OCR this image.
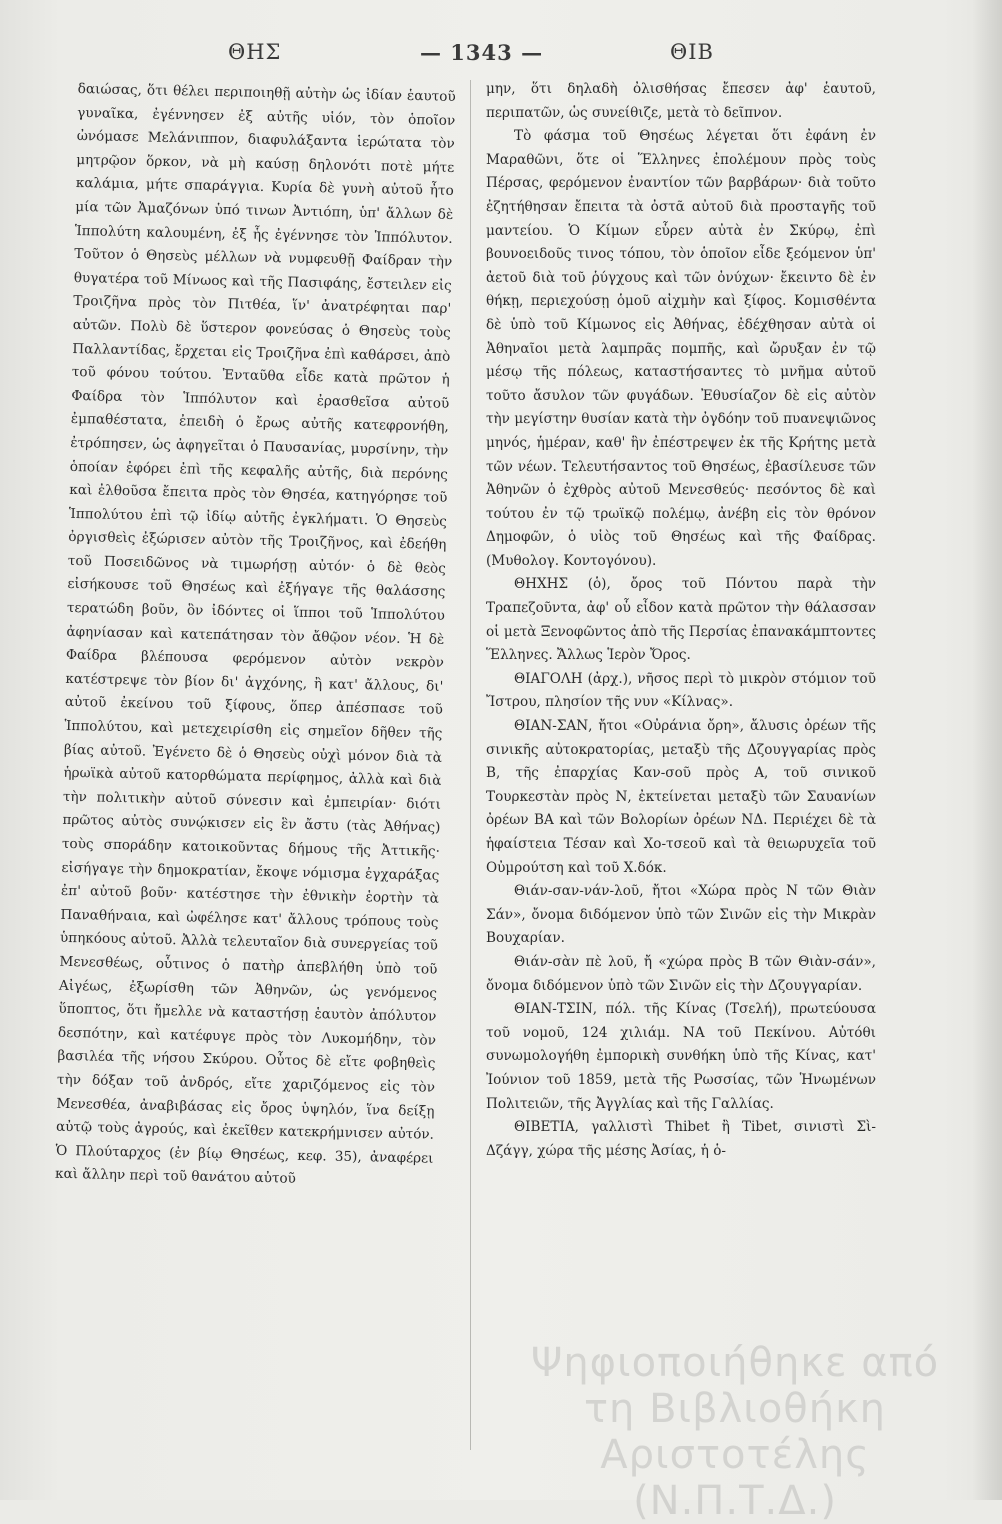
ΘΗΣ	— 1343 —	ΘΙΒ

δαιώσας, ὅτι θέλει περιποιηθῇ αὐτὴν ὡς ἰδίαν ἑαυτοῦ γυναῖκα, ἐγέννησεν ἐξ αὐτῆς υἱόν, τὸν ὁποῖον ὠνόμασε Μελάνιππον, διαφυλάξαντα ἱερώτατα τὸν μητρῷον ὅρκον, νὰ μὴ καύσῃ δηλονότι ποτὲ μήτε καλάμια, μήτε σπαράγγια. Κυρία δὲ γυνὴ αὐτοῦ ἦτο μία τῶν Ἀμαζόνων ὑπό τινων Ἀντιόπη, ὑπ' ἄλλων δὲ Ἱππολύτη καλουμένη, ἐξ ἧς ἐγέννησε τὸν Ἱππόλυτον. Τοῦτον ὁ Θησεὺς μέλλων νὰ νυμφευθῇ Φαίδραν τὴν θυγατέρα τοῦ Μίνωος καὶ τῆς Πασιφάης, ἔστειλεν εἰς Τροιζῆνα πρὸς τὸν Πιτθέα, ἵν' ἀνατρέφηται παρ' αὐτῶν. Πολὺ δὲ ὕστερον φονεύσας ὁ Θησεὺς τοὺς Παλλαντίδας, ἔρχεται εἰς Τροιζῆνα ἐπὶ καθάρσει, ἀπὸ τοῦ φόνου τούτου. Ἐνταῦθα εἶδε κατὰ πρῶτον ἡ Φαίδρα τὸν Ἱππόλυτον καὶ ἐρασθεῖσα αὐτοῦ ἐμπαθέστατα, ἐπειδὴ ὁ ἔρως αὐτῆς κατεφρονήθη, ἐτρόπησεν, ὡς ἀφηγεῖται ὁ Παυσανίας, μυρσίνην, τὴν ὁποίαν ἐφόρει ἐπὶ τῆς κεφαλῆς αὐτῆς, διὰ περόνης καὶ ἐλθοῦσα ἔπειτα πρὸς τὸν Θησέα, κατηγόρησε τοῦ Ἱππολύτου ἐπὶ τῷ ἰδίῳ αὐτῆς ἐγκλήματι. Ὁ Θησεὺς ὀργισθεὶς ἐξώρισεν αὐτὸν τῆς Τροιζῆνος, καὶ ἐδεήθη τοῦ Ποσειδῶνος νὰ τιμωρήσῃ αὐτόν· ὁ δὲ θεὸς εἰσήκουσε τοῦ Θησέως καὶ ἐξήγαγε τῆς θαλάσσης τερατώδη βοῦν, ὃν ἰδόντες οἱ ἵπποι τοῦ Ἱππολύτου ἀφηνίασαν καὶ κατεπάτησαν τὸν ἄθῷον νέον. Ἡ δὲ Φαίδρα βλέπουσα φερόμενον αὐτὸν νεκρὸν κατέστρεψε τὸν βίον δι' ἀγχόνης, ἢ κατ' ἄλλους, δι' αὐτοῦ ἐκείνου τοῦ ξίφους, ὅπερ ἀπέσπασε τοῦ Ἱππολύτου, καὶ μετεχειρίσθη εἰς σημεῖον δῆθεν τῆς βίας αὐτοῦ. Ἐγένετο δὲ ὁ Θησεὺς οὐχὶ μόνον διὰ τὰ ἡρωϊκὰ αὐτοῦ κατορθώματα περίφημος, ἀλλὰ καὶ διὰ τὴν πολιτικὴν αὐτοῦ σύνεσιν καὶ ἐμπειρίαν· διότι πρῶτος αὐτὸς συνῴκισεν εἰς ἓν ἄστυ (τὰς Ἀθήνας) τοὺς σποράδην κατοικοῦντας δήμους τῆς Ἀττικῆς· εἰσήγαγε τὴν δημοκρατίαν, ἔκοψε νόμισμα ἐγχαράξας ἐπ' αὐτοῦ βοῦν· κατέστησε τὴν ἐθνικὴν ἑορτὴν τὰ Παναθήναια, καὶ ὠφέλησε κατ' ἄλλους τρόπους τοὺς ὑπηκόους αὐτοῦ. Ἀλλὰ τελευταῖον διὰ συνεργείας τοῦ Μενεσθέως, οὗτινος ὁ πατὴρ ἀπεβλήθη ὑπὸ τοῦ Αἰγέως, ἐξωρίσθη τῶν Ἀθηνῶν, ὡς γενόμενος ὕποπτος, ὅτι ἤμελλε νὰ καταστήσῃ ἑαυτὸν ἀπόλυτον δεσπότην, καὶ κατέφυγε πρὸς τὸν Λυκομήδην, τὸν βασιλέα τῆς νήσου Σκύρου. Οὗτος δὲ εἴτε φοβηθεὶς τὴν δόξαν τοῦ ἀνδρός, εἴτε χαριζόμενος εἰς τὸν Μενεσθέα, ἀναβιβάσας εἰς ὄρος ὑψηλόν, ἵνα δείξῃ αὐτῷ τοὺς ἀγρούς, καὶ ἐκεῖθεν κατεκρήμνισεν αὐτόν. Ὁ Πλούταρχος (ἐν βίῳ Θησέως, κεφ. 35), ἀναφέρει καὶ ἄλλην περὶ τοῦ θανάτου αὐτοῦ

μην, ὅτι δηλαδὴ ὀλισθήσας ἔπεσεν ἀφ' ἑαυτοῦ, περιπατῶν, ὡς συνείθιζε, μετὰ τὸ δεῖπνον.

Τὸ φάσμα τοῦ Θησέως λέγεται ὅτι ἐφάνη ἐν Μαραθῶνι, ὅτε οἱ Ἕλληνες ἐπολέμουν πρὸς τοὺς Πέρσας, φερόμενον ἐναντίον τῶν βαρβάρων· διὰ τοῦτο ἐζητήθησαν ἔπειτα τὰ ὀστᾶ αὐτοῦ διὰ προσταγῆς τοῦ μαντείου. Ὁ Κίμων εὗρεν αὐτὰ ἐν Σκύρῳ, ἐπὶ βουνοειδοῦς τινος τόπου, τὸν ὁποῖον εἶδε ξεόμενον ὑπ' ἀετοῦ διὰ τοῦ ῥύγχους καὶ τῶν ὀνύχων· ἔκειντο δὲ ἐν θήκῃ, περιεχούσῃ ὁμοῦ αἰχμὴν καὶ ξίφος. Κομισθέντα δὲ ὑπὸ τοῦ Κίμωνος εἰς Ἀθήνας, ἐδέχθησαν αὐτὰ οἱ Ἀθηναῖοι μετὰ λαμπρᾶς πομπῆς, καὶ ὤρυξαν ἐν τῷ μέσῳ τῆς πόλεως, καταστήσαντες τὸ μνῆμα αὐτοῦ τοῦτο ἄσυλον τῶν φυγάδων. Ἐθυσίαζον δὲ εἰς αὐτὸν τὴν μεγίστην θυσίαν κατὰ τὴν ὀγδόην τοῦ πυανεψιῶνος μηνός, ἡμέραν, καθ' ἣν ἐπέστρεψεν ἐκ τῆς Κρήτης μετὰ τῶν νέων. Τελευτήσαντος τοῦ Θησέως, ἐβασίλευσε τῶν Ἀθηνῶν ὁ ἐχθρὸς αὐτοῦ Μενεσθεύς· πεσόντος δὲ καὶ τούτου ἐν τῷ τρωϊκῷ πολέμῳ, ἀνέβη εἰς τὸν θρόνον Δημοφῶν, ὁ υἱὸς τοῦ Θησέως καὶ τῆς Φαίδρας. (Μυθολογ. Κοντογόνου).

ΘΗΧΗΣ (ὁ), ὄρος τοῦ Πόντου παρὰ τὴν Τραπεζοῦντα, ἀφ' οὗ εἶδον κατὰ πρῶτον τὴν θάλασσαν οἱ μετὰ Ξενοφῶντος ἀπὸ τῆς Περσίας ἐπανακάμπτοντες Ἕλληνες. Ἄλλως Ἱερὸν Ὄρος.

ΘΙΑΓΟΛΗ (ἀρχ.), νῆσος περὶ τὸ μικρὸν στόμιον τοῦ Ἴστρου, πλησίον τῆς νυν «Κίλνας».

ΘΙΑΝ-ΣΑΝ, ἤτοι «Οὐράνια ὄρη», ἄλυσις ὀρέων τῆς σινικῆς αὐτοκρατορίας, μεταξὺ τῆς Δζουγγαρίας πρὸς Β, τῆς ἐπαρχίας Καν-σοῦ πρὸς Α, τοῦ σινικοῦ Τουρκεστὰν πρὸς Ν, ἐκτείνεται μεταξὺ τῶν Σαυανίων ὀρέων ΒΑ καὶ τῶν Βολορίων ὀρέων ΝΔ. Περιέχει δὲ τὰ ἡφαίστεια Τέσαν καὶ Χο-τσεοῦ καὶ τὰ θειωρυχεῖα τοῦ Οὐμρούτση καὶ τοῦ Χ.δόκ.

Θιάν-σαν-νάν-λοῦ, ἤτοι «Χώρα πρὸς Ν τῶν Θιὰν Σάν», ὄνομα διδόμενον ὑπὸ τῶν Σινῶν εἰς τὴν Μικρὰν Βουχαρίαν.

Θιάν-σὰν πὲ λοῦ, ἤ «χώρα πρὸς Β τῶν Θιὰν-σάν», ὄνομα διδόμενον ὑπὸ τῶν Σινῶν εἰς τὴν Δζουγγαρίαν.

ΘΙΑΝ-ΤΣΙΝ, πόλ. τῆς Κίνας (Τσελή), πρωτεύουσα τοῦ νομοῦ, 124 χιλιάμ. ΝΑ τοῦ Πεκίνου. Αὐτόθι συνωμολογήθη ἐμπορικὴ συνθήκη ὑπὸ τῆς Κίνας, κατ' Ἰούνιον τοῦ 1859, μετὰ τῆς Ρωσσίας, τῶν Ἡνωμένων Πολιτειῶν, τῆς Ἀγγλίας καὶ τῆς Γαλλίας.

ΘΙΒΕΤΙΑ, γαλλιστὶ Thibet ἢ Tibet, σινιστὶ Σὶ-Δζάγγ, χώρα τῆς μέσης Ἀσίας, ἡ ὁ-

Ψηφιοποιήθηκε από τη Βιβλιοθήκη Αριστοτέλης (Ν.Π.Τ.Δ.)
